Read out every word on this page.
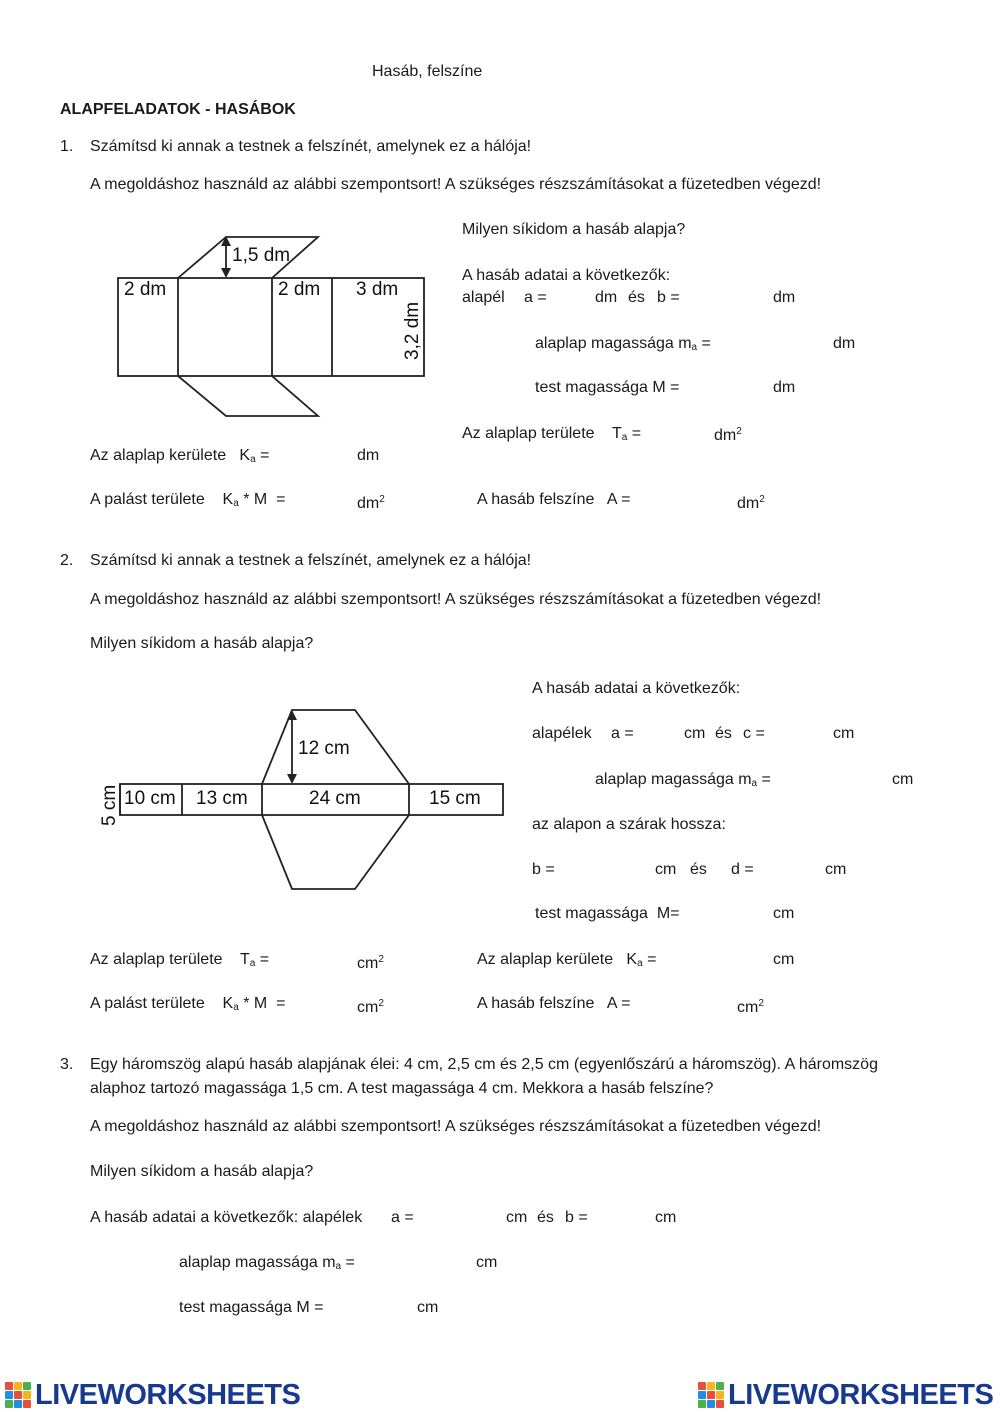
Hasáb, felszíne
ALAPFELADATOK - HASÁBOK
1. Számítsd ki annak a testnek a felszínét, amelynek ez a hálója!
A megoldáshoz használd az alábbi szempontsort! A szükséges részszámításokat a füzetedben végezd!
1,5 dm
2 dm	2 dm 3 dm
3,2 dm
Milyen síkidom a hasáb alapja?
A hasáb adatai a következők:
alapél a =	dm és b =	dm
alaplap magassága $m_a$ =	dm
test magassága M =	dm
Az alaplap területe    $T_a$ =	$dm^2$
Az alaplap kerülete   $K_a$ =	dm
A palást területe    $K_a$ * M  =	$dm^2$	A hasáb felszíne   A =	$dm^2$
2. Számítsd ki annak a testnek a felszínét, amelynek ez a hálója!
A megoldáshoz használd az alábbi szempontsort! A szükséges részszámításokat a füzetedben végezd!
Milyen síkidom a hasáb alapja?
12 cm
5 cm 10 cm 13 cm	24 cm	15 cm
A hasáb adatai a következők:
alapélek a =	cm és c =	cm
alaplap magassága $m_a$ =	cm
az alapon a szárak hossza:
b =	cm és d =	cm
test magassága  M=	cm
Az alaplap területe    $T_a$ =	$cm^2$	Az alaplap kerülete   $K_a$ =	cm
A palást területe    $K_a$ * M  =	$cm^2$	A hasáb felszíne   A =	$cm^2$
3. Egy háromszög alapú hasáb alapjának élei: 4 cm, 2,5 cm és 2,5 cm (egyenlőszárú a háromszög). A háromszög
alaphoz tartozó magassága 1,5 cm. A test magassága 4 cm. Mekkora a hasáb felszíne?
A megoldáshoz használd az alábbi szempontsort! A szükséges részszámításokat a füzetedben végezd!
Milyen síkidom a hasáb alapja?
A hasáb adatai a következők: alapélek a =	cm és b =	cm
alaplap magassága $m_a$ =	cm
test magassága M =	cm
LIVEWORKSHEETS	LIVEWORKSHEETS
